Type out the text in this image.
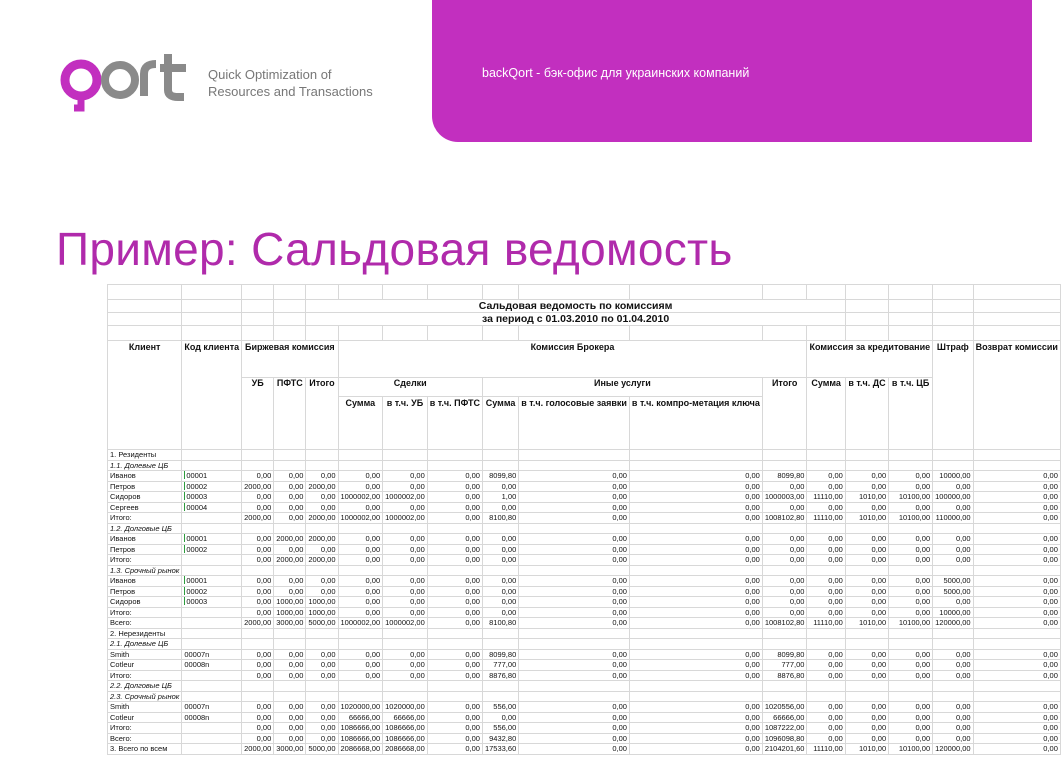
Quick Optimization of
Resources and Transactions
backQort - бэк-офис для украинских компаний
Пример: Сальдовая ведомость

				Сальдовая ведомость по комиссиям												
				за период с 01.03.2010 по 01.04.2010												

Клиент	Код клиента	Биржевая комиссия			Комиссия Брокера							Комиссия за кредитование			Штраф	Возврат комиссии
		УБ	ПФТС	Итого	Сделки			Иные услуги			Итого	Сумма	в т.ч. ДС	в т.ч. ЦБ		
					Сумма	в т.ч. УБ	в т.ч. ПФТС	Сумма	в т.ч. голосовые заявки	в т.ч. компро-метация ключа						
1. Резиденты																
1.1. Долевые ЦБ																
Иванов	00001	0,00	0,00	0,00	0,00	0,00	0,00	8099,80	0,00	0,00	8099,80	0,00	0,00	0,00	10000,00	0,00
Петров	00002	2000,00	0,00	2000,00	0,00	0,00	0,00	0,00	0,00	0,00	0,00	0,00	0,00	0,00	0,00	0,00
Сидоров	00003	0,00	0,00	0,00	1000002,00	1000002,00	0,00	1,00	0,00	0,00	1000003,00	11110,00	1010,00	10100,00	100000,00	0,00
Сергеев	00004	0,00	0,00	0,00	0,00	0,00	0,00	0,00	0,00	0,00	0,00	0,00	0,00	0,00	0,00	0,00
Итого:		2000,00	0,00	2000,00	1000002,00	1000002,00	0,00	8100,80	0,00	0,00	1008102,80	11110,00	1010,00	10100,00	110000,00	0,00
1.2. Долговые ЦБ																
Иванов	00001	0,00	2000,00	2000,00	0,00	0,00	0,00	0,00	0,00	0,00	0,00	0,00	0,00	0,00	0,00	0,00
Петров	00002	0,00	0,00	0,00	0,00	0,00	0,00	0,00	0,00	0,00	0,00	0,00	0,00	0,00	0,00	0,00
Итого:		0,00	2000,00	2000,00	0,00	0,00	0,00	0,00	0,00	0,00	0,00	0,00	0,00	0,00	0,00	0,00
1.3. Срочный рынок																
Иванов	00001	0,00	0,00	0,00	0,00	0,00	0,00	0,00	0,00	0,00	0,00	0,00	0,00	0,00	5000,00	0,00
Петров	00002	0,00	0,00	0,00	0,00	0,00	0,00	0,00	0,00	0,00	0,00	0,00	0,00	0,00	5000,00	0,00
Сидоров	00003	0,00	1000,00	1000,00	0,00	0,00	0,00	0,00	0,00	0,00	0,00	0,00	0,00	0,00	0,00	0,00
Итого:		0,00	1000,00	1000,00	0,00	0,00	0,00	0,00	0,00	0,00	0,00	0,00	0,00	0,00	10000,00	0,00
Всего:		2000,00	3000,00	5000,00	1000002,00	1000002,00	0,00	8100,80	0,00	0,00	1008102,80	11110,00	1010,00	10100,00	120000,00	0,00
2. Нерезиденты																
2.1. Долевые ЦБ																
Smith	00007n	0,00	0,00	0,00	0,00	0,00	0,00	8099,80	0,00	0,00	8099,80	0,00	0,00	0,00	0,00	0,00
Cotleur	00008n	0,00	0,00	0,00	0,00	0,00	0,00	777,00	0,00	0,00	777,00	0,00	0,00	0,00	0,00	0,00
Итого:		0,00	0,00	0,00	0,00	0,00	0,00	8876,80	0,00	0,00	8876,80	0,00	0,00	0,00	0,00	0,00
2.2. Долговые ЦБ																
2.3. Срочный рынок																
Smith	00007n	0,00	0,00	0,00	1020000,00	1020000,00	0,00	556,00	0,00	0,00	1020556,00	0,00	0,00	0,00	0,00	0,00
Cotleur	00008n	0,00	0,00	0,00	66666,00	66666,00	0,00	0,00	0,00	0,00	66666,00	0,00	0,00	0,00	0,00	0,00
Итого:		0,00	0,00	0,00	1086666,00	1086666,00	0,00	556,00	0,00	0,00	1087222,00	0,00	0,00	0,00	0,00	0,00
Всего:		0,00	0,00	0,00	1086666,00	1086666,00	0,00	9432,80	0,00	0,00	1096098,80	0,00	0,00	0,00	0,00	0,00
3. Всего по всем		2000,00	3000,00	5000,00	2086668,00	2086668,00	0,00	17533,60	0,00	0,00	2104201,60	11110,00	1010,00	10100,00	120000,00	0,00
